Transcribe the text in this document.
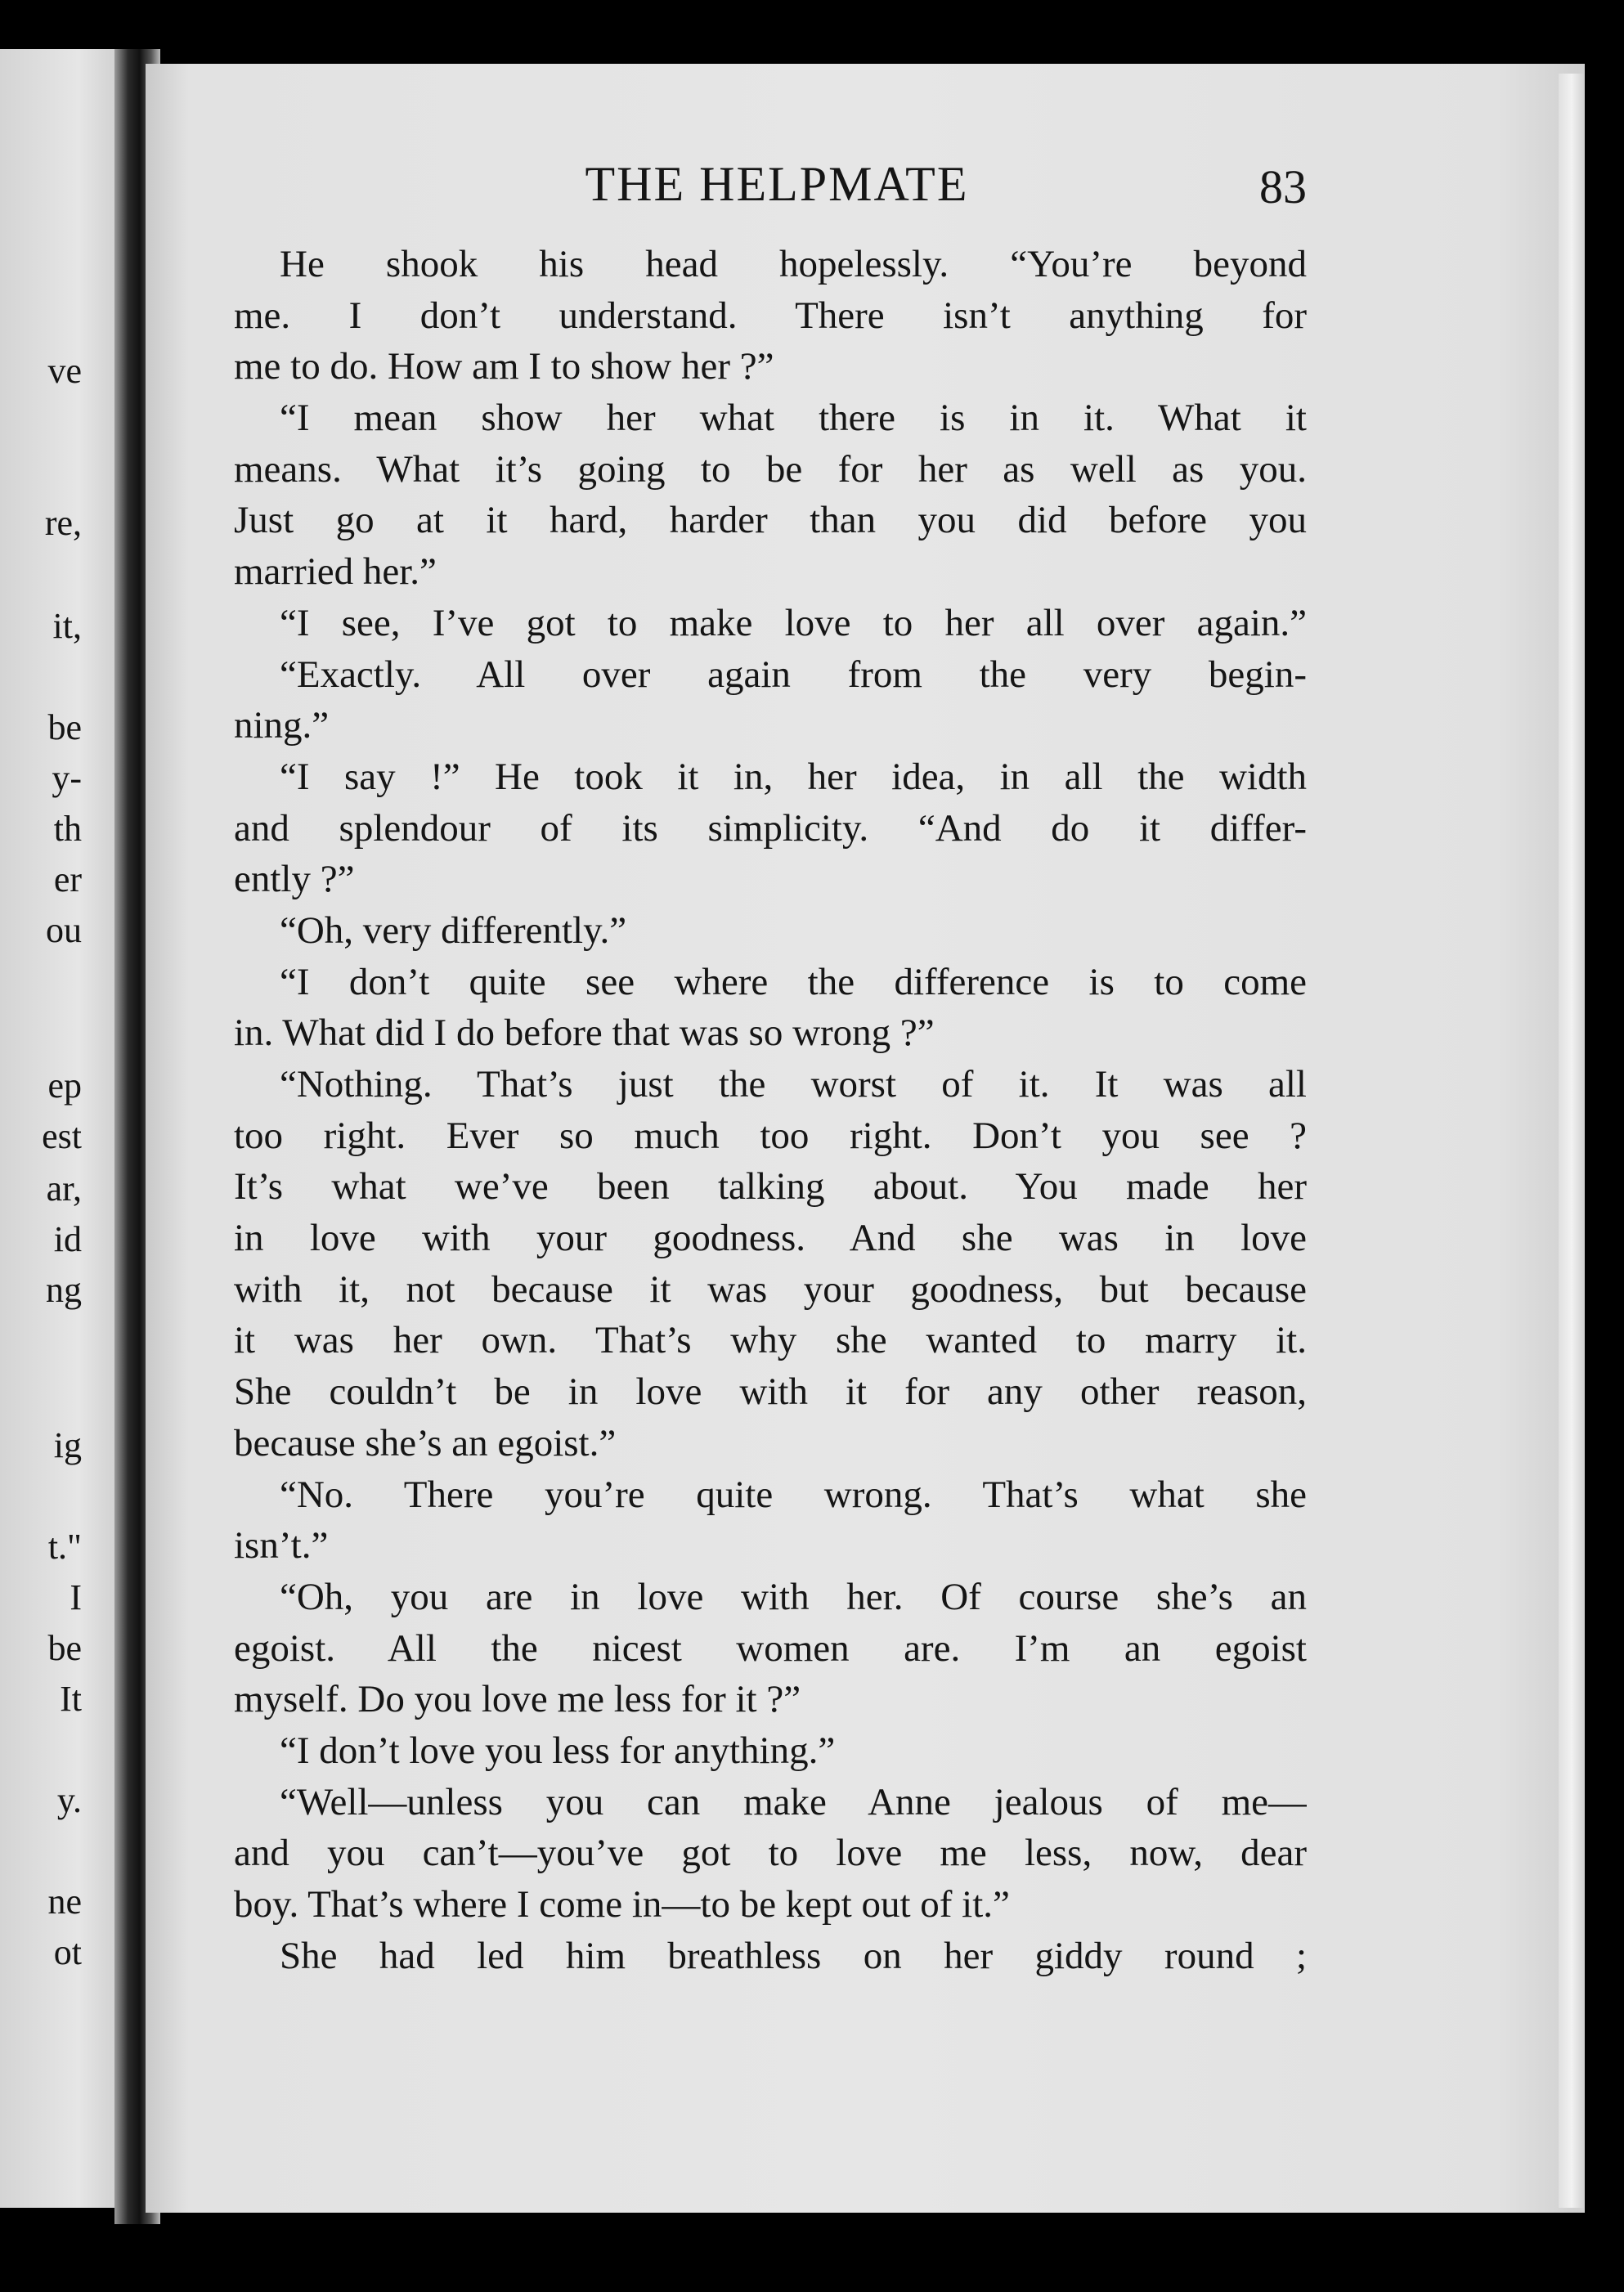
ve
re,
it,
be
y-
th
er
ou
ep
est
ar,
id
ng
ig
t."
I
be
It
y.
ne
ot
THE HELPMATE	83
He shook his head hopelessly. “You’re beyond
me. I don’t understand. There isn’t anything for
me to do. How am I to show her ?”
“I mean show her what there is in it. What it
means. What it’s going to be for her as well as you.
Just go at it hard, harder than you did before you
married her.”
“I see, I’ve got to make love to her all over again.”
“Exactly. All over again from the very begin-
ning.”
“I say !” He took it in, her idea, in all the width
and splendour of its simplicity. “And do it differ-
ently ?”
“Oh, very differently.”
“I don’t quite see where the difference is to come
in. What did I do before that was so wrong ?”
“Nothing. That’s just the worst of it. It was all
too right. Ever so much too right. Don’t you see ?
It’s what we’ve been talking about. You made her
in love with your goodness. And she was in love
with it, not because it was your goodness, but because
it was her own. That’s why she wanted to marry it.
She couldn’t be in love with it for any other reason,
because she’s an egoist.”
“No. There you’re quite wrong. That’s what she
isn’t.”
“Oh, you are in love with her. Of course she’s an
egoist. All the nicest women are. I’m an egoist
myself. Do you love me less for it ?”
“I don’t love you less for anything.”
“Well—unless you can make Anne jealous of me—
and you can’t—you’ve got to love me less, now, dear
boy. That’s where I come in—to be kept out of it.”
She had led him breathless on her giddy round ;
